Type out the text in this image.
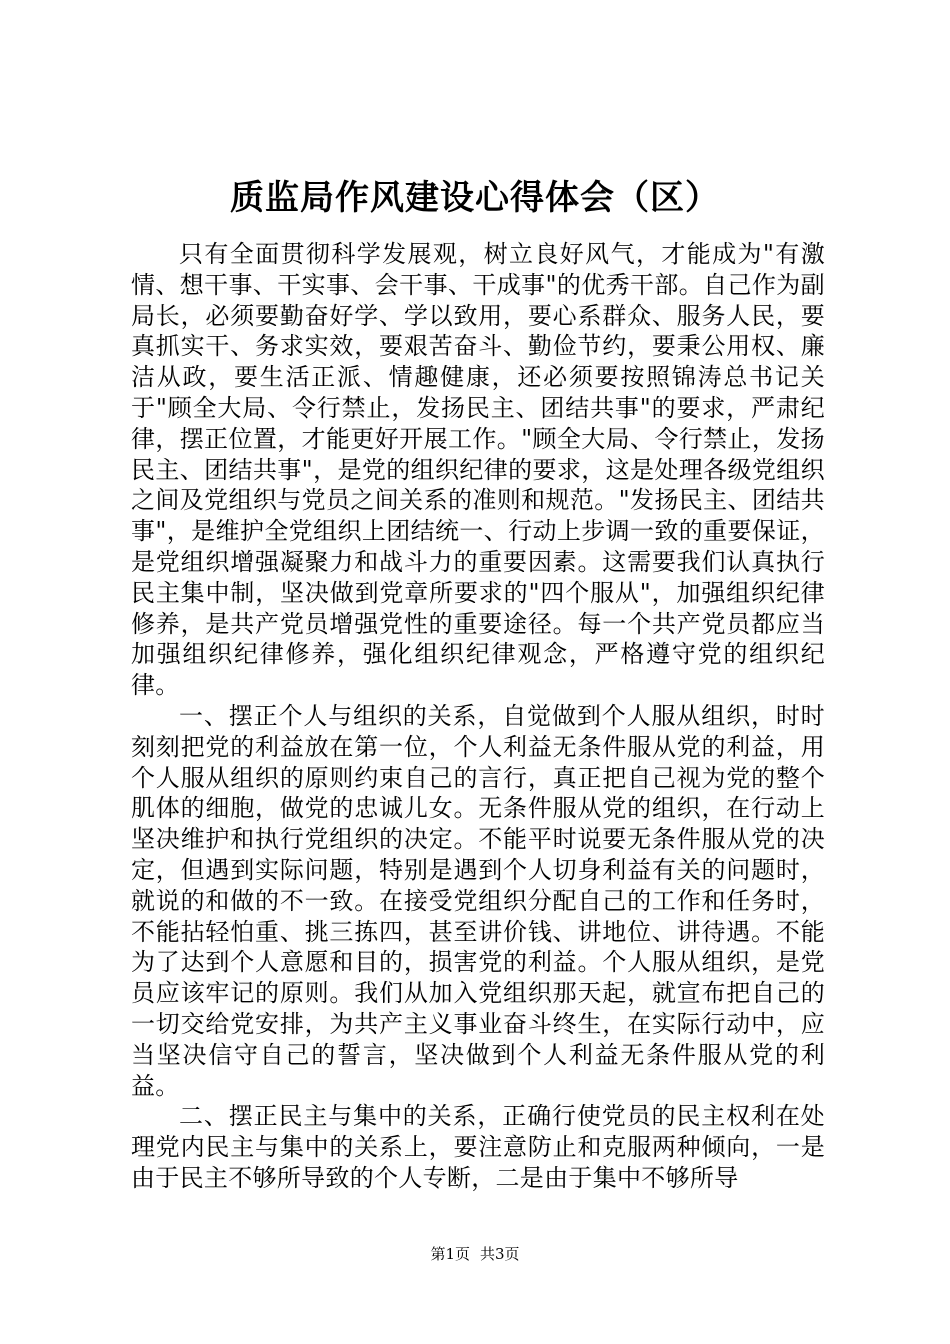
质监局作风建设心得体会（区）

只有全面贯彻科学发展观，树立良好风气，才能成为"有激情、想干事、干实事、会干事、干成事"的优秀干部。自己作为副局长，必须要勤奋好学、学以致用，要心系群众、服务人民，要真抓实干、务求实效，要艰苦奋斗、勤俭节约，要秉公用权、廉洁从政，要生活正派、情趣健康，还必须要按照锦涛总书记关于"顾全大局、令行禁止，发扬民主、团结共事"的要求，严肃纪律，摆正位置，才能更好开展工作。"顾全大局、令行禁止，发扬民主、团结共事"，是党的组织纪律的要求，这是处理各级党组织之间及党组织与党员之间关系的准则和规范。"发扬民主、团结共事"，是维护全党组织上团结统一、行动上步调一致的重要保证，是党组织增强凝聚力和战斗力的重要因素。这需要我们认真执行民主集中制，坚决做到党章所要求的"四个服从"，加强组织纪律修养，是共产党员增强党性的重要途径。每一个共产党员都应当加强组织纪律修养，强化组织纪律观念，严格遵守党的组织纪律。

一、摆正个人与组织的关系，自觉做到个人服从组织，时时刻刻把党的利益放在第一位，个人利益无条件服从党的利益，用个人服从组织的原则约束自己的言行，真正把自己视为党的整个肌体的细胞，做党的忠诚儿女。无条件服从党的组织，在行动上坚决维护和执行党组织的决定。不能平时说要无条件服从党的决定，但遇到实际问题，特别是遇到个人切身利益有关的问题时，就说的和做的不一致。在接受党组织分配自己的工作和任务时，不能拈轻怕重、挑三拣四，甚至讲价钱、讲地位、讲待遇。不能为了达到个人意愿和目的，损害党的利益。个人服从组织，是党员应该牢记的原则。我们从加入党组织那天起，就宣布把自己的一切交给党安排，为共产主义事业奋斗终生，在实际行动中，应当坚决信守自己的誓言，坚决做到个人利益无条件服从党的利益。

二、摆正民主与集中的关系，正确行使党员的民主权利在处理党内民主与集中的关系上，要注意防止和克服两种倾向，一是由于民主不够所导致的个人专断，二是由于集中不够所导

第1页 共3页
